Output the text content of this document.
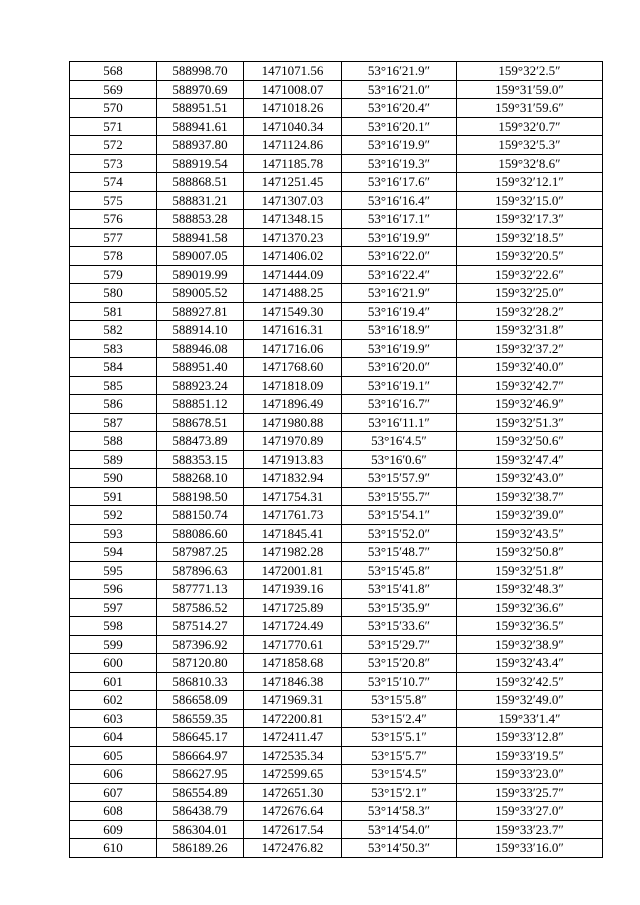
568	588998.70	1471071.56	53°16′21.9″	159°32′2.5″
569	588970.69	1471008.07	53°16′21.0″	159°31′59.0″
570	588951.51	1471018.26	53°16′20.4″	159°31′59.6″
571	588941.61	1471040.34	53°16′20.1″	159°32′0.7″
572	588937.80	1471124.86	53°16′19.9″	159°32′5.3″
573	588919.54	1471185.78	53°16′19.3″	159°32′8.6″
574	588868.51	1471251.45	53°16′17.6″	159°32′12.1″
575	588831.21	1471307.03	53°16′16.4″	159°32′15.0″
576	588853.28	1471348.15	53°16′17.1″	159°32′17.3″
577	588941.58	1471370.23	53°16′19.9″	159°32′18.5″
578	589007.05	1471406.02	53°16′22.0″	159°32′20.5″
579	589019.99	1471444.09	53°16′22.4″	159°32′22.6″
580	589005.52	1471488.25	53°16′21.9″	159°32′25.0″
581	588927.81	1471549.30	53°16′19.4″	159°32′28.2″
582	588914.10	1471616.31	53°16′18.9″	159°32′31.8″
583	588946.08	1471716.06	53°16′19.9″	159°32′37.2″
584	588951.40	1471768.60	53°16′20.0″	159°32′40.0″
585	588923.24	1471818.09	53°16′19.1″	159°32′42.7″
586	588851.12	1471896.49	53°16′16.7″	159°32′46.9″
587	588678.51	1471980.88	53°16′11.1″	159°32′51.3″
588	588473.89	1471970.89	53°16′4.5″	159°32′50.6″
589	588353.15	1471913.83	53°16′0.6″	159°32′47.4″
590	588268.10	1471832.94	53°15′57.9″	159°32′43.0″
591	588198.50	1471754.31	53°15′55.7″	159°32′38.7″
592	588150.74	1471761.73	53°15′54.1″	159°32′39.0″
593	588086.60	1471845.41	53°15′52.0″	159°32′43.5″
594	587987.25	1471982.28	53°15′48.7″	159°32′50.8″
595	587896.63	1472001.81	53°15′45.8″	159°32′51.8″
596	587771.13	1471939.16	53°15′41.8″	159°32′48.3″
597	587586.52	1471725.89	53°15′35.9″	159°32′36.6″
598	587514.27	1471724.49	53°15′33.6″	159°32′36.5″
599	587396.92	1471770.61	53°15′29.7″	159°32′38.9″
600	587120.80	1471858.68	53°15′20.8″	159°32′43.4″
601	586810.33	1471846.38	53°15′10.7″	159°32′42.5″
602	586658.09	1471969.31	53°15′5.8″	159°32′49.0″
603	586559.35	1472200.81	53°15′2.4″	159°33′1.4″
604	586645.17	1472411.47	53°15′5.1″	159°33′12.8″
605	586664.97	1472535.34	53°15′5.7″	159°33′19.5″
606	586627.95	1472599.65	53°15′4.5″	159°33′23.0″
607	586554.89	1472651.30	53°15′2.1″	159°33′25.7″
608	586438.79	1472676.64	53°14′58.3″	159°33′27.0″
609	586304.01	1472617.54	53°14′54.0″	159°33′23.7″
610	586189.26	1472476.82	53°14′50.3″	159°33′16.0″
